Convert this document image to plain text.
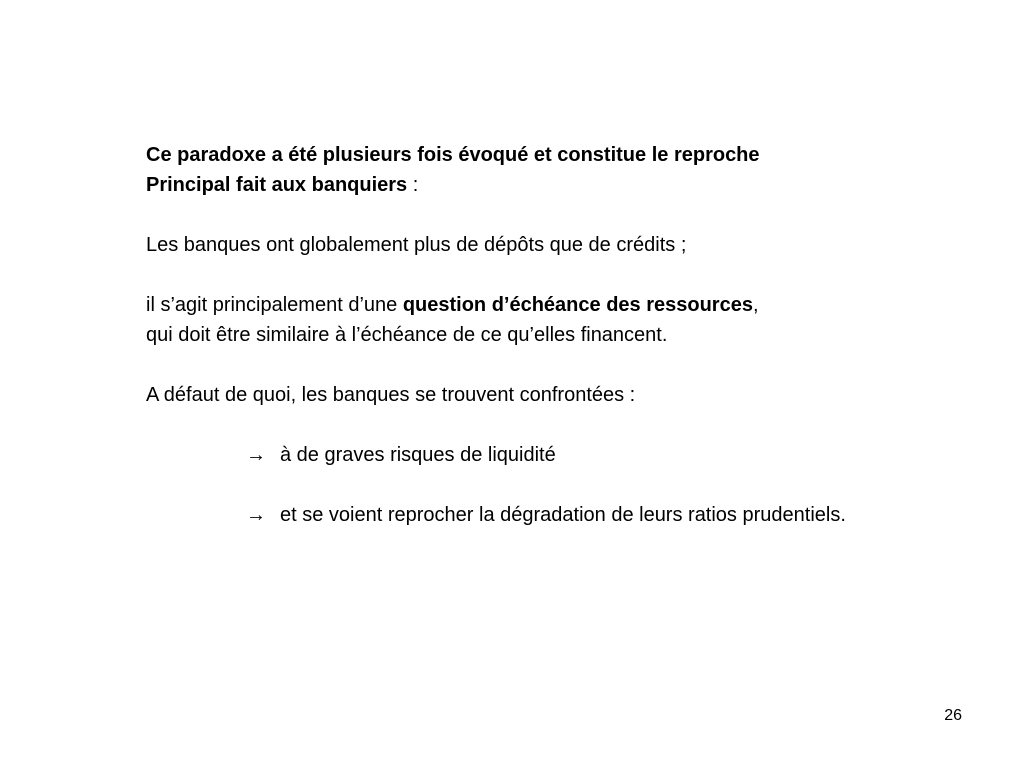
Ce paradoxe a été plusieurs fois évoqué et constitue le reproche
Principal fait aux banquiers :

Les banques ont globalement plus de dépôts que de crédits ;

il s’agit principalement d’une question d’échéance des ressources,
qui doit être similaire à l’échéance de ce qu’elles financent.

A défaut de quoi, les banques se trouvent confrontées :

→ à de graves risques de liquidité
→ et se voient reprocher la dégradation de leurs ratios prudentiels.
26
